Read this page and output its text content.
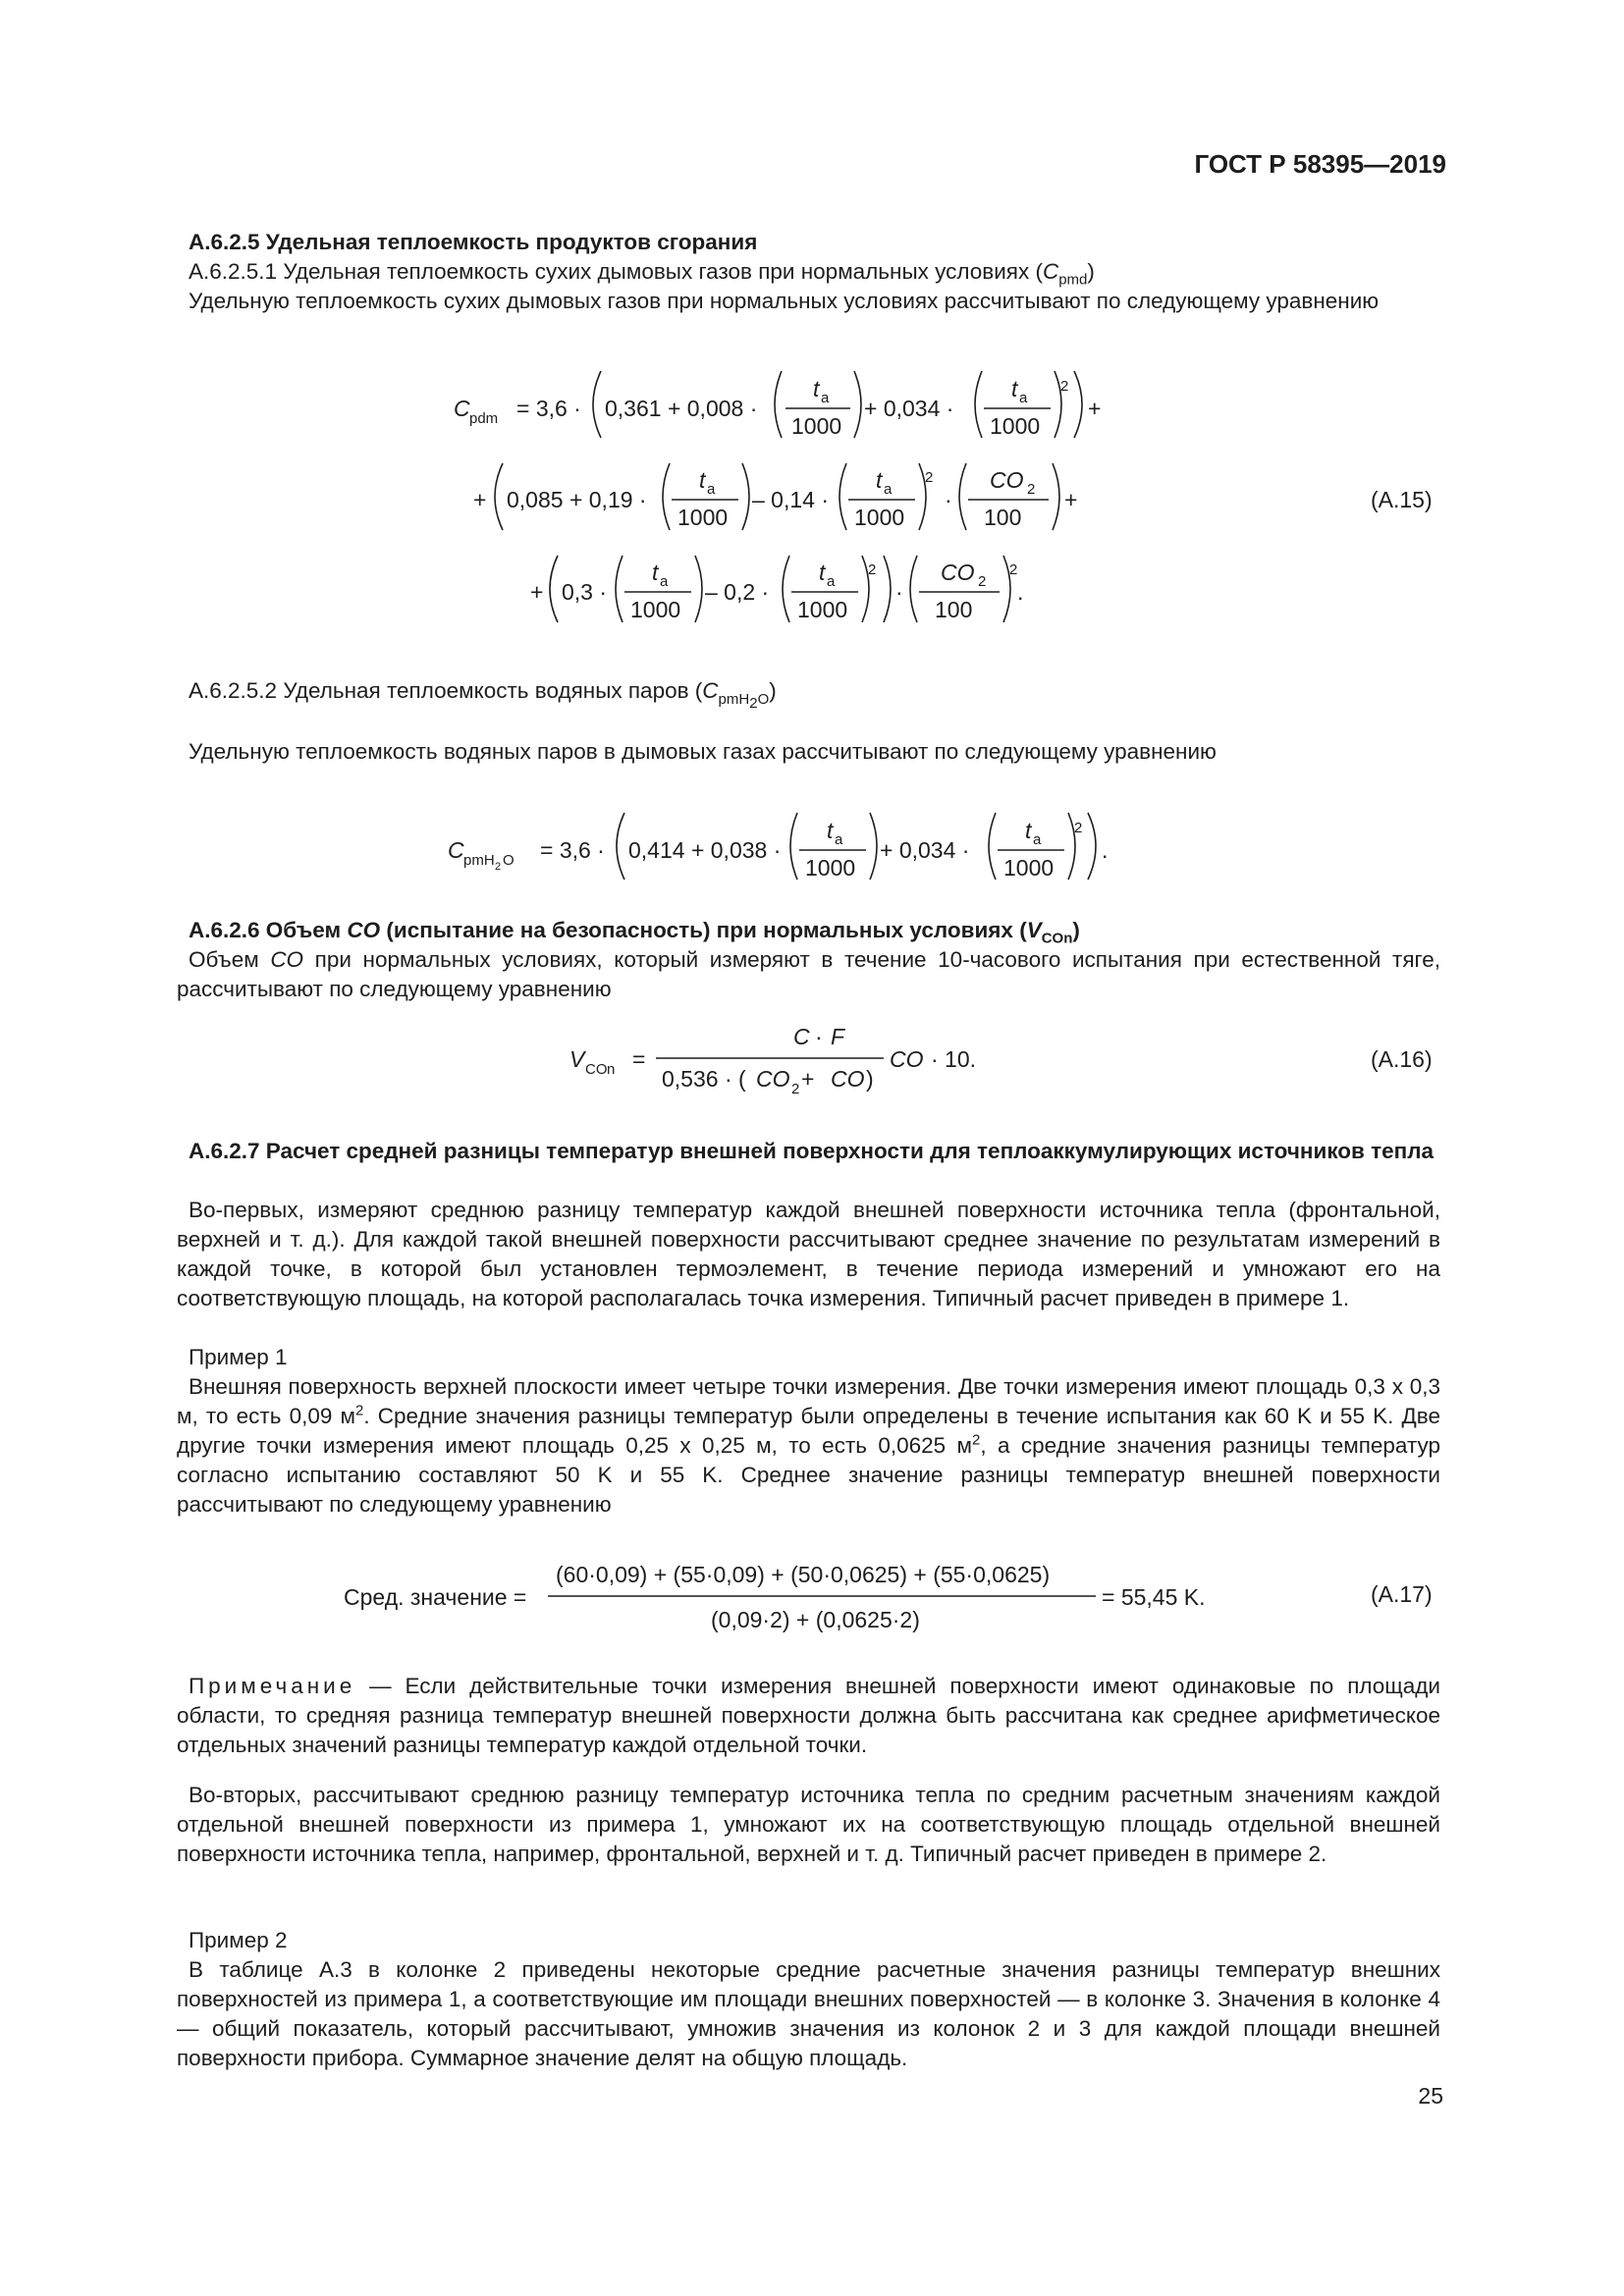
ГОСТ Р 58395—2019
А.6.2.5 Удельная теплоемкость продуктов сгорания
А.6.2.5.1 Удельная теплоемкость сухих дымовых газов при нормальных условиях $(C_{pmd})$
Удельную теплоемкость сухих дымовых газов при нормальных условиях рассчитывают по следующему уравнению
C pdm = 3,6 · 0,361 + 0,008 ·
t a
1000
+ 0,034 ·
t a
1000
2
+
+ 0,085 + 0,19 ·
t a
1000
– 0,14 ·
t a
1000
2
·
CO 2
100
+	(А.15)
+ 0,3 ·
t a
1000
– 0,2 ·
t a
1000
2
·
CO 2
100
2
.
А.6.2.5.2 Удельная теплоемкость водяных паров $(C_{pmH_2O})$
Удельную теплоемкость водяных паров в дымовых газах рассчитывают по следующему уравнению
C pmH 2 O = 3,6 · 0,414 + 0,038 ·
t a
1000
+ 0,034 ·
t a
1000
2
.
А.6.2.6 Объем CO (испытание на безопасность) при нормальных условиях $(V_{COn})$
Объем CO при нормальных условиях, который измеряют в течение 10-часового испытания при естественной тяге, рассчитывают по следующему уравнению
V CO n =
C · F
0,536 · ( CO 2 + CO )
CO · 10.	(А.16)
А.6.2.7 Расчет средней разницы температур внешней поверхности для теплоаккумулирующих источников тепла
Во-первых, измеряют среднюю разницу температур каждой внешней поверхности источника тепла (фронтальной, верхней и т. д.). Для каждой такой внешней поверхности рассчитывают среднее значение по результатам измерений в каждой точке, в которой был установлен термоэлемент, в течение периода измерений и умножают его на соответствующую площадь, на которой располагалась точка измерения. Типичный расчет приведен в примере 1.
Пример 1
Внешняя поверхность верхней плоскости имеет четыре точки измерения. Две точки измерения имеют площадь 0,3 x 0,3 м, то есть 0,09 $м^2$. Средние значения разницы температур были определены в течение испытания как 60 K и 55 K. Две другие точки измерения имеют площадь 0,25 x 0,25 м, то есть 0,0625 $м^2$, а средние значения разницы температур согласно испытанию составляют 50 K и 55 K. Среднее значение разницы температур внешней поверхности рассчитывают по следующему уравнению
Сред. значение =
(60·0,09) + (55·0,09) + (50·0,0625) + (55·0,0625)
(0,09·2) + (0,0625·2)
= 55,45 K.	(А.17)
Примечание — Если действительные точки измерения внешней поверхности имеют одинаковые по площади области, то средняя разница температур внешней поверхности должна быть рассчитана как среднее арифметическое отдельных значений разницы температур каждой отдельной точки.
Во-вторых, рассчитывают среднюю разницу температур источника тепла по средним расчетным значениям каждой отдельной внешней поверхности из примера 1, умножают их на соответствующую площадь отдельной внешней поверхности источника тепла, например, фронтальной, верхней и т. д. Типичный расчет приведен в примере 2.
Пример 2
В таблице А.3 в колонке 2 приведены некоторые средние расчетные значения разницы температур внешних поверхностей из примера 1, а соответствующие им площади внешних поверхностей — в колонке 3. Значения в колонке 4 — общий показатель, который рассчитывают, умножив значения из колонок 2 и 3 для каждой площади внешней поверхности прибора. Суммарное значение делят на общую площадь.
25
